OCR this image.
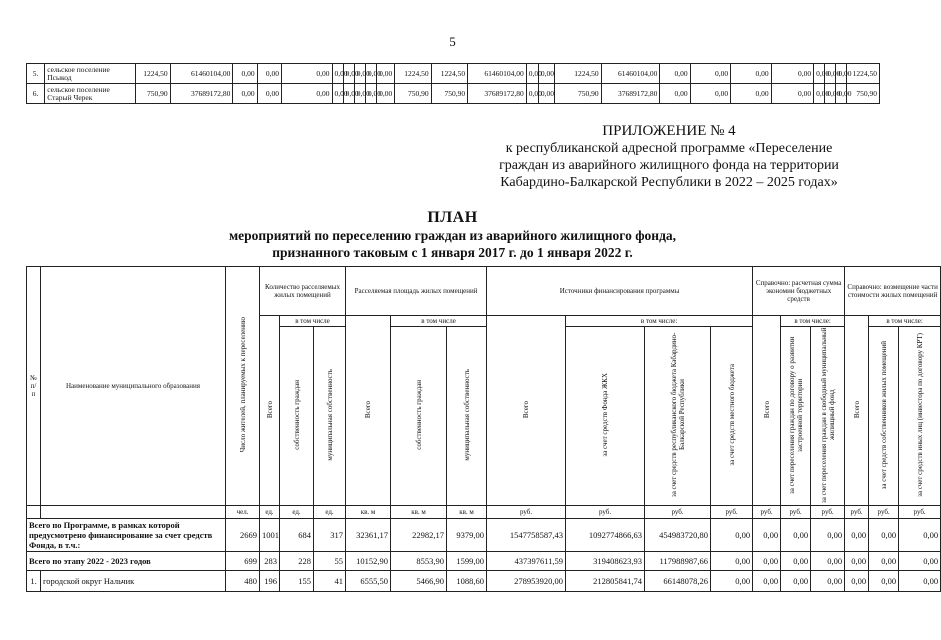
5
5.	сельское поселение Псыкод	1224,50	61460104,00	0,00	0,00	0,00	0,00	0,00	0,00	0,00	0,00	1224,50	1224,50	61460104,00	0,00	0,00	1224,50	61460104,00	0,00	0,00	0,00	0,00	0,00	0,00	0,00	1224,50
6.	сельское поселение Старый Черек	750,90	37689172,80	0,00	0,00	0,00	0,00	0,00	0,00	0,00	0,00	750,90	750,90	37689172,80	0,00	0,00	750,90	37689172,80	0,00	0,00	0,00	0,00	0,00	0,00	0,00	750,90
ПРИЛОЖЕНИЕ № 4
к республиканской адресной программе «Переселение
граждан из аварийного жилищного фонда на территории
Кабардино-Балкарской Республики в 2022 – 2025 годах»
ПЛАН
мероприятий по переселению граждан из аварийного жилищного фонда,
признанного таковым с 1 января 2017 г. до 1 января 2022 г.
№ п/п	Наименование муниципального образования	Число жителей, планируемых к переселению	Количество расселяемых жилых помещений			Расселяемая площадь жилых помещений			Источники финансирования программы				Справочно: расчетная сумма экономии бюджетных средств			Справочно: возмещение части стоимости жилых помещений		
			Всего	в том числе		Всего	в том числе		Всего	в том числе:			Всего	в том числе:		Всего	в том числе:	
				собственность граждан	муниципальная собственность		собственность граждан	муниципальная собственность		за счет средств Фонда ЖКХ	за счет средств республиканского бюджета Кабардино-Балкарской Республики	за счет средств местного бюджета		за счет переселения граждан по договору о развитии застроенной территории	за счет переселения граждан в свободный муниципальный жилищный фонд		за счет средств собственников жилых помещений	за счет средств иных лиц (инвестора по договору КРТ)
		чел.	ед.	ед.	ед.	кв. м	кв. м	кв. м	руб.	руб.	руб.	руб.	руб.	руб.	руб.	руб.	руб.	руб.
Всего по Программе, в рамках которой предусмотрено финансирование за счет средств Фонда, в т.ч.:		2669	1001	684	317	32361,17	22982,17	9379,00	1547758587,43	1092774866,63	454983720,80	0,00	0,00	0,00	0,00	0,00	0,00	0,00
Всего по этапу 2022 - 2023 годов		699	283	228	55	10152,90	8553,90	1599,00	437397611,59	319408623,93	117988987,66	0,00	0,00	0,00	0,00	0,00	0,00	0,00
1.	городской округ Нальчик	480	196	155	41	6555,50	5466,90	1088,60	278953920,00	212805841,74	66148078,26	0,00	0,00	0,00	0,00	0,00	0,00	0,00
